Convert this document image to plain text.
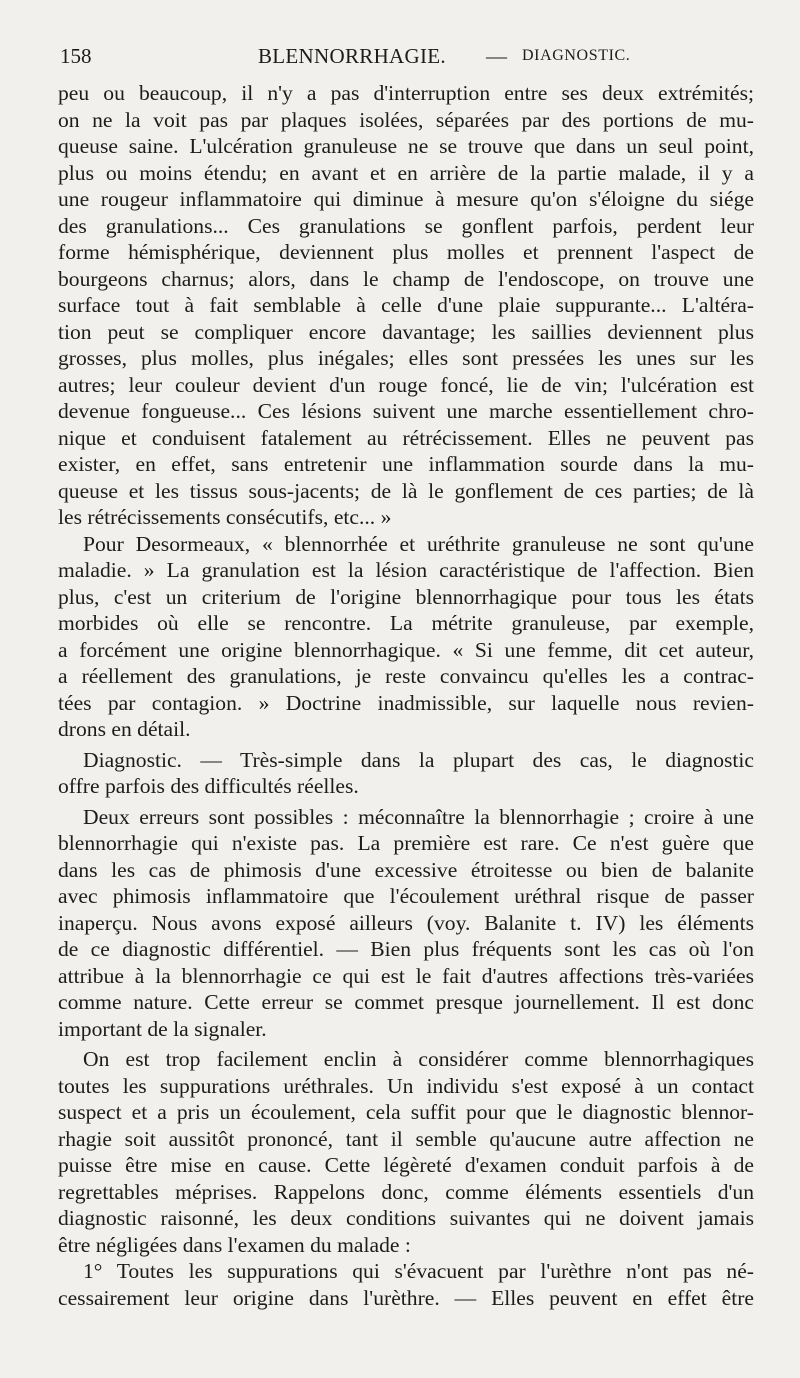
158	BLENNORRHAGIE. — DIAGNOSTIC.
peu ou beaucoup, il n'y a pas d'interruption entre ses deux extrémités;
on ne la voit pas par plaques isolées, séparées par des portions de mu-
queuse saine. L'ulcération granuleuse ne se trouve que dans un seul point,
plus ou moins étendu; en avant et en arrière de la partie malade, il y a
une rougeur inflammatoire qui diminue à mesure qu'on s'éloigne du siége
des granulations... Ces granulations se gonflent parfois, perdent leur
forme hémisphérique, deviennent plus molles et prennent l'aspect de
bourgeons charnus; alors, dans le champ de l'endoscope, on trouve une
surface tout à fait semblable à celle d'une plaie suppurante... L'altéra-
tion peut se compliquer encore davantage; les saillies deviennent plus
grosses, plus molles, plus inégales; elles sont pressées les unes sur les
autres; leur couleur devient d'un rouge foncé, lie de vin; l'ulcération est
devenue fongueuse... Ces lésions suivent une marche essentiellement chro-
nique et conduisent fatalement au rétrécissement. Elles ne peuvent pas
exister, en effet, sans entretenir une inflammation sourde dans la mu-
queuse et les tissus sous-jacents; de là le gonflement de ces parties; de là
les rétrécissements consécutifs, etc... »
Pour Desormeaux, « blennorrhée et uréthrite granuleuse ne sont qu'une
maladie. » La granulation est la lésion caractéristique de l'affection. Bien
plus, c'est un criterium de l'origine blennorrhagique pour tous les états
morbides où elle se rencontre. La métrite granuleuse, par exemple,
a forcément une origine blennorrhagique. « Si une femme, dit cet auteur,
a réellement des granulations, je reste convaincu qu'elles les a contrac-
tées par contagion. » Doctrine inadmissible, sur laquelle nous revien-
drons en détail.
Diagnostic. — Très-simple dans la plupart des cas, le diagnostic
offre parfois des difficultés réelles.
Deux erreurs sont possibles : méconnaître la blennorrhagie ; croire à une
blennorrhagie qui n'existe pas. La première est rare. Ce n'est guère que
dans les cas de phimosis d'une excessive étroitesse ou bien de balanite
avec phimosis inflammatoire que l'écoulement uréthral risque de passer
inaperçu. Nous avons exposé ailleurs (voy. Balanite t. IV) les éléments
de ce diagnostic différentiel. — Bien plus fréquents sont les cas où l'on
attribue à la blennorrhagie ce qui est le fait d'autres affections très-variées
comme nature. Cette erreur se commet presque journellement. Il est donc
important de la signaler.
On est trop facilement enclin à considérer comme blennorrhagiques
toutes les suppurations uréthrales. Un individu s'est exposé à un contact
suspect et a pris un écoulement, cela suffit pour que le diagnostic blennor-
rhagie soit aussitôt prononcé, tant il semble qu'aucune autre affection ne
puisse être mise en cause. Cette légèreté d'examen conduit parfois à de
regrettables méprises. Rappelons donc, comme éléments essentiels d'un
diagnostic raisonné, les deux conditions suivantes qui ne doivent jamais
être négligées dans l'examen du malade :
1° Toutes les suppurations qui s'évacuent par l'urèthre n'ont pas né-
cessairement leur origine dans l'urèthre. — Elles peuvent en effet être
